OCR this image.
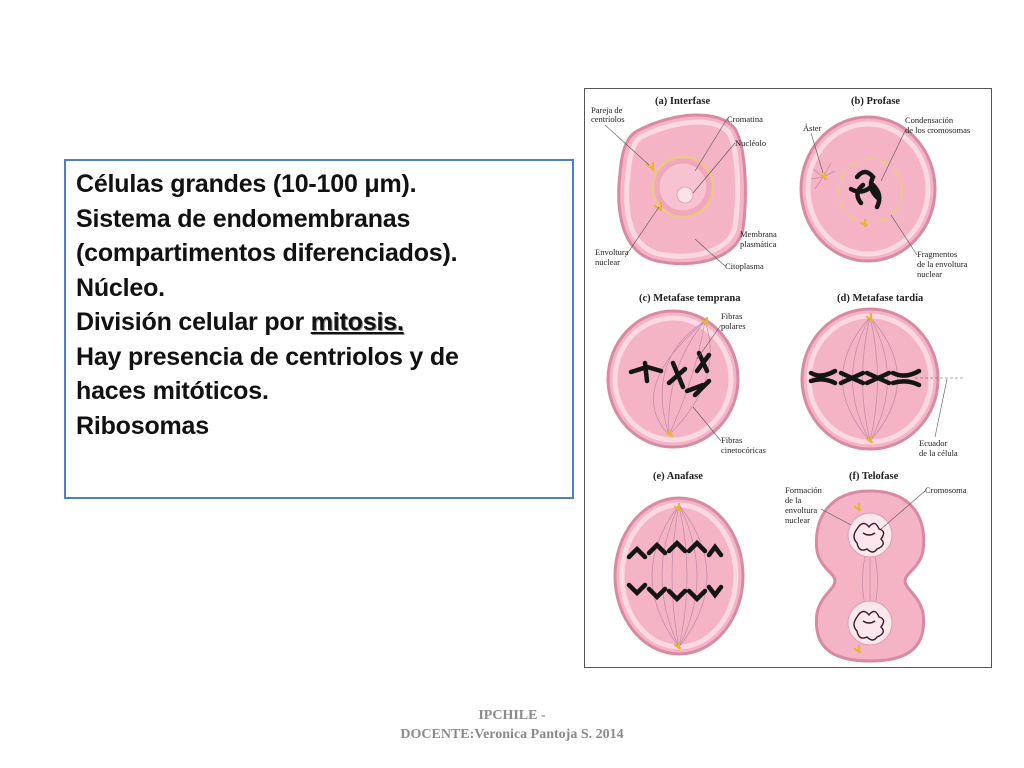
Células grandes (10-100 μm).
Sistema de endomembranas
(compartimentos diferenciados).
Núcleo.
División celular por mitosis.
Hay presencia de centriolos y de
haces mitóticos.
Ribosomas
(a) Interfase
Pareja de
centríolos	Cromatina
Nucléolo
Membrana
plasmática
Envoltura
nuclear	Citoplasma
(b) Profase
Áster
Condensación
de los cromosomas
Fragmentos
de la envoltura
nuclear
(c) Metafase temprana
Fibras
polares
Fibras
cinetocóricas
(d) Metafase tardía
Ecuador
de la célula
(e) Anafase	(f) Telofase
Formación
de la
envoltura
nuclear
Cromosoma
IPCHILE -
DOCENTE:Veronica Pantoja S. 2014
